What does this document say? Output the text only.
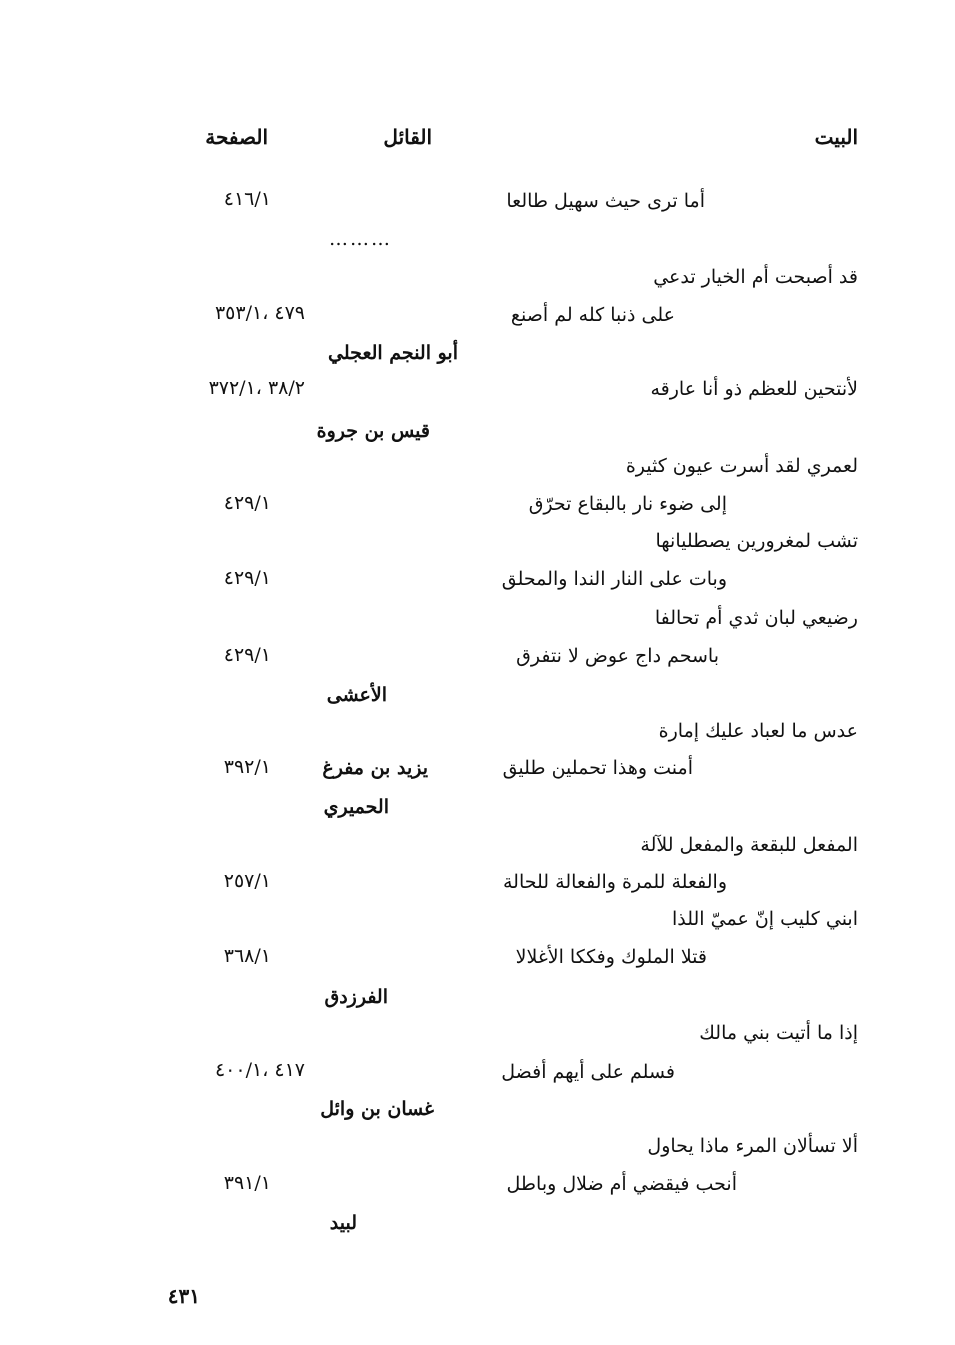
البيت
القائل
الصفحة
أما ترى حيث سهيل طالعا
٤١٦/١
………
قد أصبحت أم الخيار تدعي
على ذنبا كله لم أصنع
٤٧٩ ،٣٥٣/١
أبو النجم العجلي
لأنتحين للعظم ذو أنا عارقه
٣٨/٢ ،٣٧٢/١
قيس بن جروة
لعمري لقد أسرت عيون كثيرة
إلى ضوء نار بالبقاع تحرّق
٤٢٩/١
تشب لمغرورين يصطليانها
وبات على النار الندا والمحلق
٤٢٩/١
رضيعي لبان ثدي أم تحالفا
باسحم داج عوض لا نتفرق
٤٢٩/١
الأعشى
عدس ما لعباد عليك إمارة
أمنت وهذا تحملين طليق
يزيد بن مفرغ
٣٩٢/١
الحميري
المفعل للبقعة والمفعل للآلة
والفعلة للمرة والفعالة للحالة
٢٥٧/١
ابني كليب إنّ عميّ اللذا
قتلا الملوك وفككا الأغلالا
٣٦٨/١
الفرزدق
إذا ما أتيت بني مالك
فسلم على أيهم أفضل
٤١٧ ،٤٠٠/١
غسان بن وائل
ألا تسألان المرء ماذا يحاول
أنحب فيقضي أم ضلال وباطل
٣٩١/١
لبيد
٤٣١
